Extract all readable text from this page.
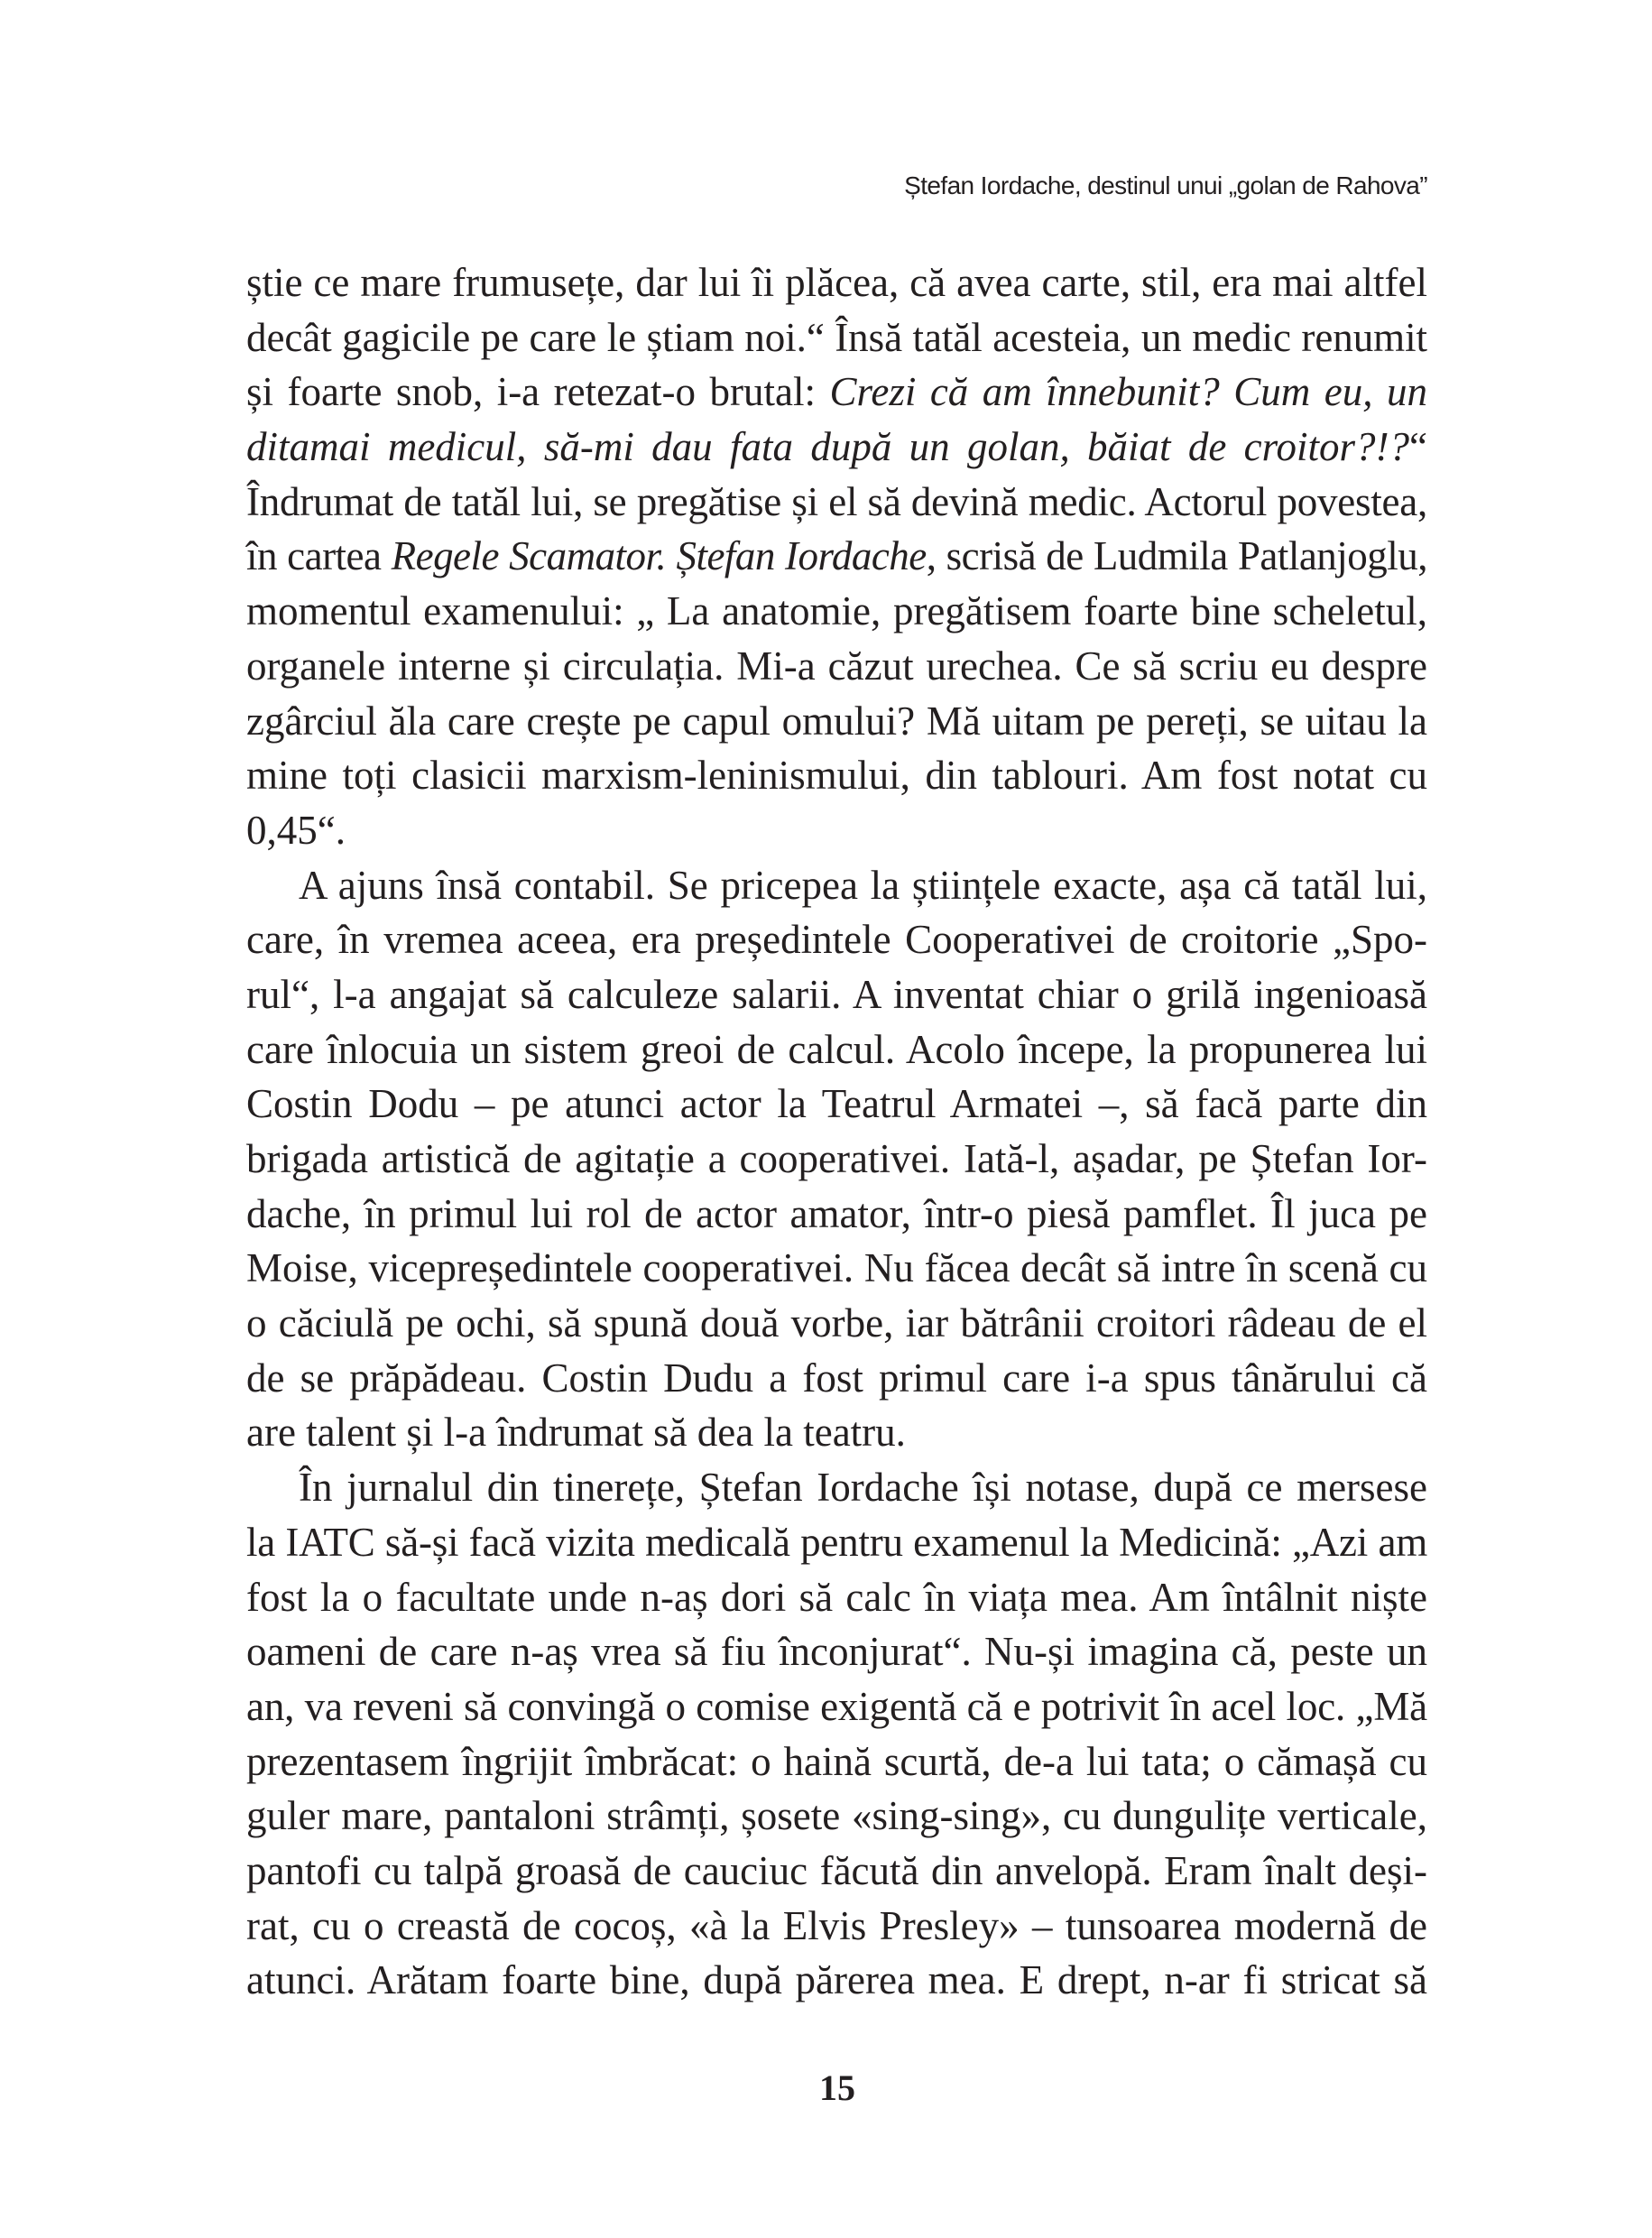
Ștefan Iordache, destinul unui „golan de Rahova”
știe ce mare frumusețe, dar lui îi plăcea, că avea carte, stil, era mai altfel
decât gagicile pe care le știam noi.“ Însă tatăl acesteia, un medic renumit
și foarte snob, i-a retezat-o brutal: Crezi că am înnebunit? Cum eu, un
ditamai medicul, să-mi dau fata după un golan, băiat de croitor?!?“
Îndrumat de tatăl lui, se pregătise și el să devină medic. Actorul povestea,
în cartea Regele Scamator. Ștefan Iordache, scrisă de Ludmila Patlanjoglu,
momentul examenului: „ La anatomie, pregătisem foarte bine scheletul,
organele interne și circulația. Mi-a căzut urechea. Ce să scriu eu despre
zgârciul ăla care crește pe capul omului? Mă uitam pe pereți, se uitau la
mine toți clasicii marxism-leninismului, din tablouri. Am fost notat cu
0,45“.
A ajuns însă contabil. Se pricepea la științele exacte, așa că tatăl lui,
care, în vremea aceea, era președintele Cooperativei de croitorie „Spo-
rul“, l-a angajat să calculeze salarii. A inventat chiar o grilă ingenioasă
care înlocuia un sistem greoi de calcul. Acolo începe, la propunerea lui
Costin Dodu – pe atunci actor la Teatrul Armatei –, să facă parte din
brigada artistică de agitație a cooperativei. Iată-l, așadar, pe Ștefan Ior-
dache, în primul lui rol de actor amator, într-o piesă pamflet. Îl juca pe
Moise, vicepreședintele cooperativei. Nu făcea decât să intre în scenă cu
o căciulă pe ochi, să spună două vorbe, iar bătrânii croitori râdeau de el
de se prăpădeau. Costin Dudu a fost primul care i-a spus tânărului că
are talent și l-a îndrumat să dea la teatru.
În jurnalul din tinerețe, Ștefan Iordache își notase, după ce mersese
la IATC să-și facă vizita medicală pentru examenul la Medicină: „Azi am
fost la o facultate unde n-aș dori să calc în viața mea. Am întâlnit niște
oameni de care n-aș vrea să fiu înconjurat“. Nu-și imagina că, peste un
an, va reveni să convingă o comise exigentă că e potrivit în acel loc. „Mă
prezentasem îngrijit îmbrăcat: o haină scurtă, de-a lui tata; o cămașă cu
guler mare, pantaloni strâmți, șosete «sing-sing», cu dungulițe verticale,
pantofi cu talpă groasă de cauciuc făcută din anvelopă. Eram înalt deși-
rat, cu o creastă de cocoș, «à la Elvis Presley» – tunsoarea modernă de
atunci. Arătam foarte bine, după părerea mea. E drept, n-ar fi stricat să
15
